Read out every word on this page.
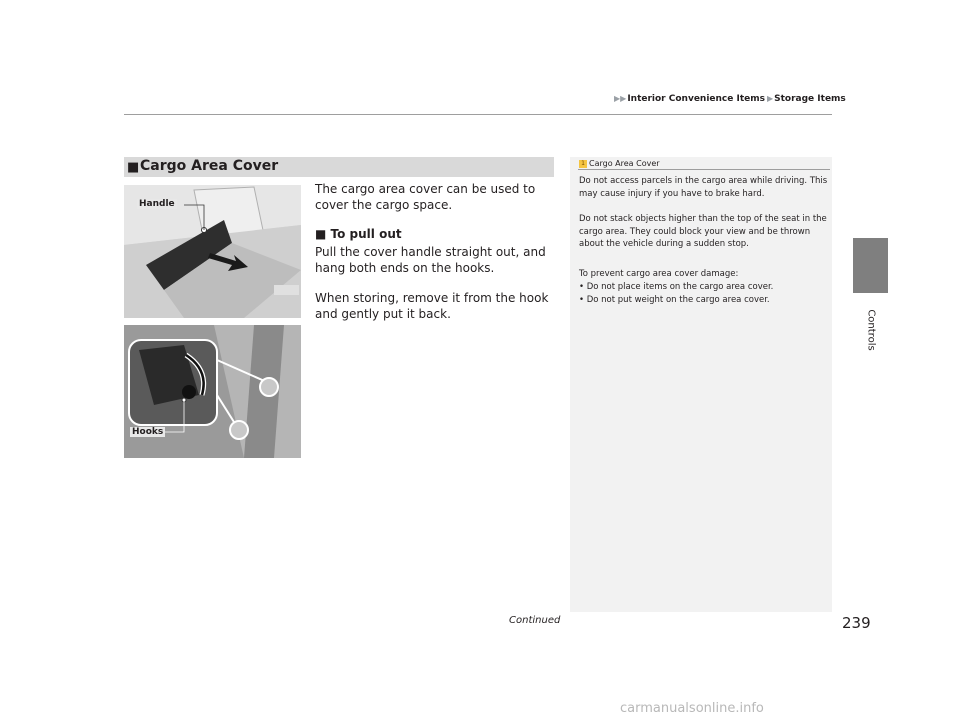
▶▶Interior Convenience Items ▶Storage Items
Controls
■ Cargo Area Cover
Handle
Hooks
The cargo area cover can be used to cover the cargo space.
■ To pull out
Pull the cover handle straight out, and hang both ends on the hooks.
When storing, remove it from the hook and gently put it back.
1 Cargo Area Cover
Do not access parcels in the cargo area while driving. This may cause injury if you have to brake hard.
Do not stack objects higher than the top of the seat in the cargo area. They could block your view and be thrown about the vehicle during a sudden stop.
To prevent cargo area cover damage:
• Do not place items on the cargo area cover.
• Do not put weight on the cargo area cover.
Continued	239
carmanualsonline.info
